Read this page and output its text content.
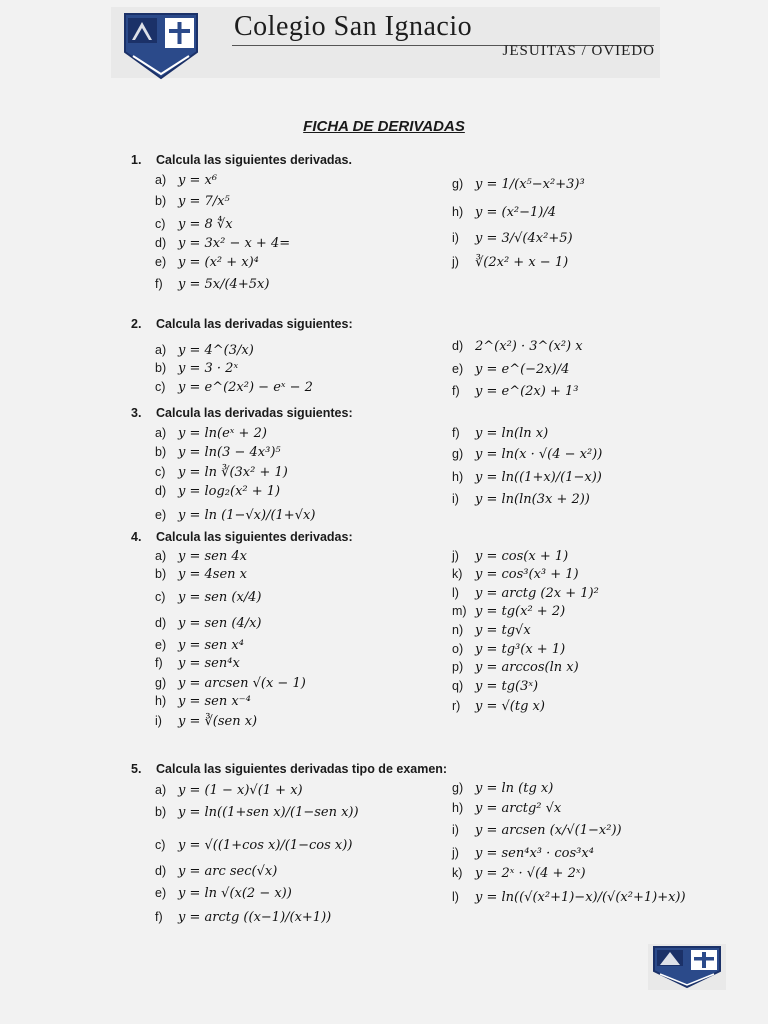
Colegio San Ignacio
JESUITAS / OVIEDO
FICHA DE DERIVADAS
1. Calcula las siguientes derivadas.
a) y = x⁶
b) y = 7/x⁵
c) y = 8 ∜x
d) y = 3x² − x + 4=
e) y = (x² + x)⁴
f) y = 5x/(4+5x)
g) y = 1/(x⁵−x²+3)³
h) y = (x²−1)/4
i) y = 3/√(4x²+5)
j) ∛(2x² + x − 1)
2. Calcula las derivadas siguientes:
a) y = 4^(3/x)
b) y = 3 · 2ˣ
c) y = e^(2x²) − eˣ − 2
d) 2^(x²) · 3^(x²) x
e) y = e^(−2x)/4
f) y = e^(2x) + 1³
3. Calcula las derivadas siguientes:
a) y = ln(eˣ + 2)
b) y = ln(3 − 4x³)⁵
c) y = ln ∛(3x² + 1)
d) y = log₂(x² + 1)
e) y = ln (1−√x)/(1+√x)
f) y = ln(ln x)
g) y = ln(x · √(4 − x²))
h) y = ln((1+x)/(1−x))
i) y = ln(ln(3x + 2))
4. Calcula las siguientes derivadas:
a) y = sen 4x
b) y = 4sen x
c) y = sen (x/4)
d) y = sen (4/x)
e) y = sen x⁴
f) y = sen⁴x
g) y = arcsen √(x − 1)
h) y = sen x⁻⁴
i) y = ∛(sen x)
j) y = cos(x + 1)
k) y = cos³(x³ + 1)
l) y = arctg (2x + 1)²
m) y = tg(x² + 2)
n) y = tg√x
o) y = tg³(x + 1)
p) y = arccos(ln x)
q) y = tg(3ˣ)
r) y = √(tg x)
5. Calcula las siguientes derivadas tipo de examen:
a) y = (1 − x)√(1 + x)
b) y = ln((1+sen x)/(1−sen x))
c) y = √((1+cos x)/(1−cos x))
d) y = arc sec(√x)
e) y = ln √(x(2 − x))
f) y = arctg ((x−1)/(x+1))
g) y = ln (tg x)
h) y = arctg² √x
i) y = arcsen (x/√(1−x²))
j) y = sen⁴x³ · cos³x⁴
k) y = 2ˣ · √(4 + 2ˣ)
l) y = ln((√(x²+1)−x)/(√(x²+1)+x))
